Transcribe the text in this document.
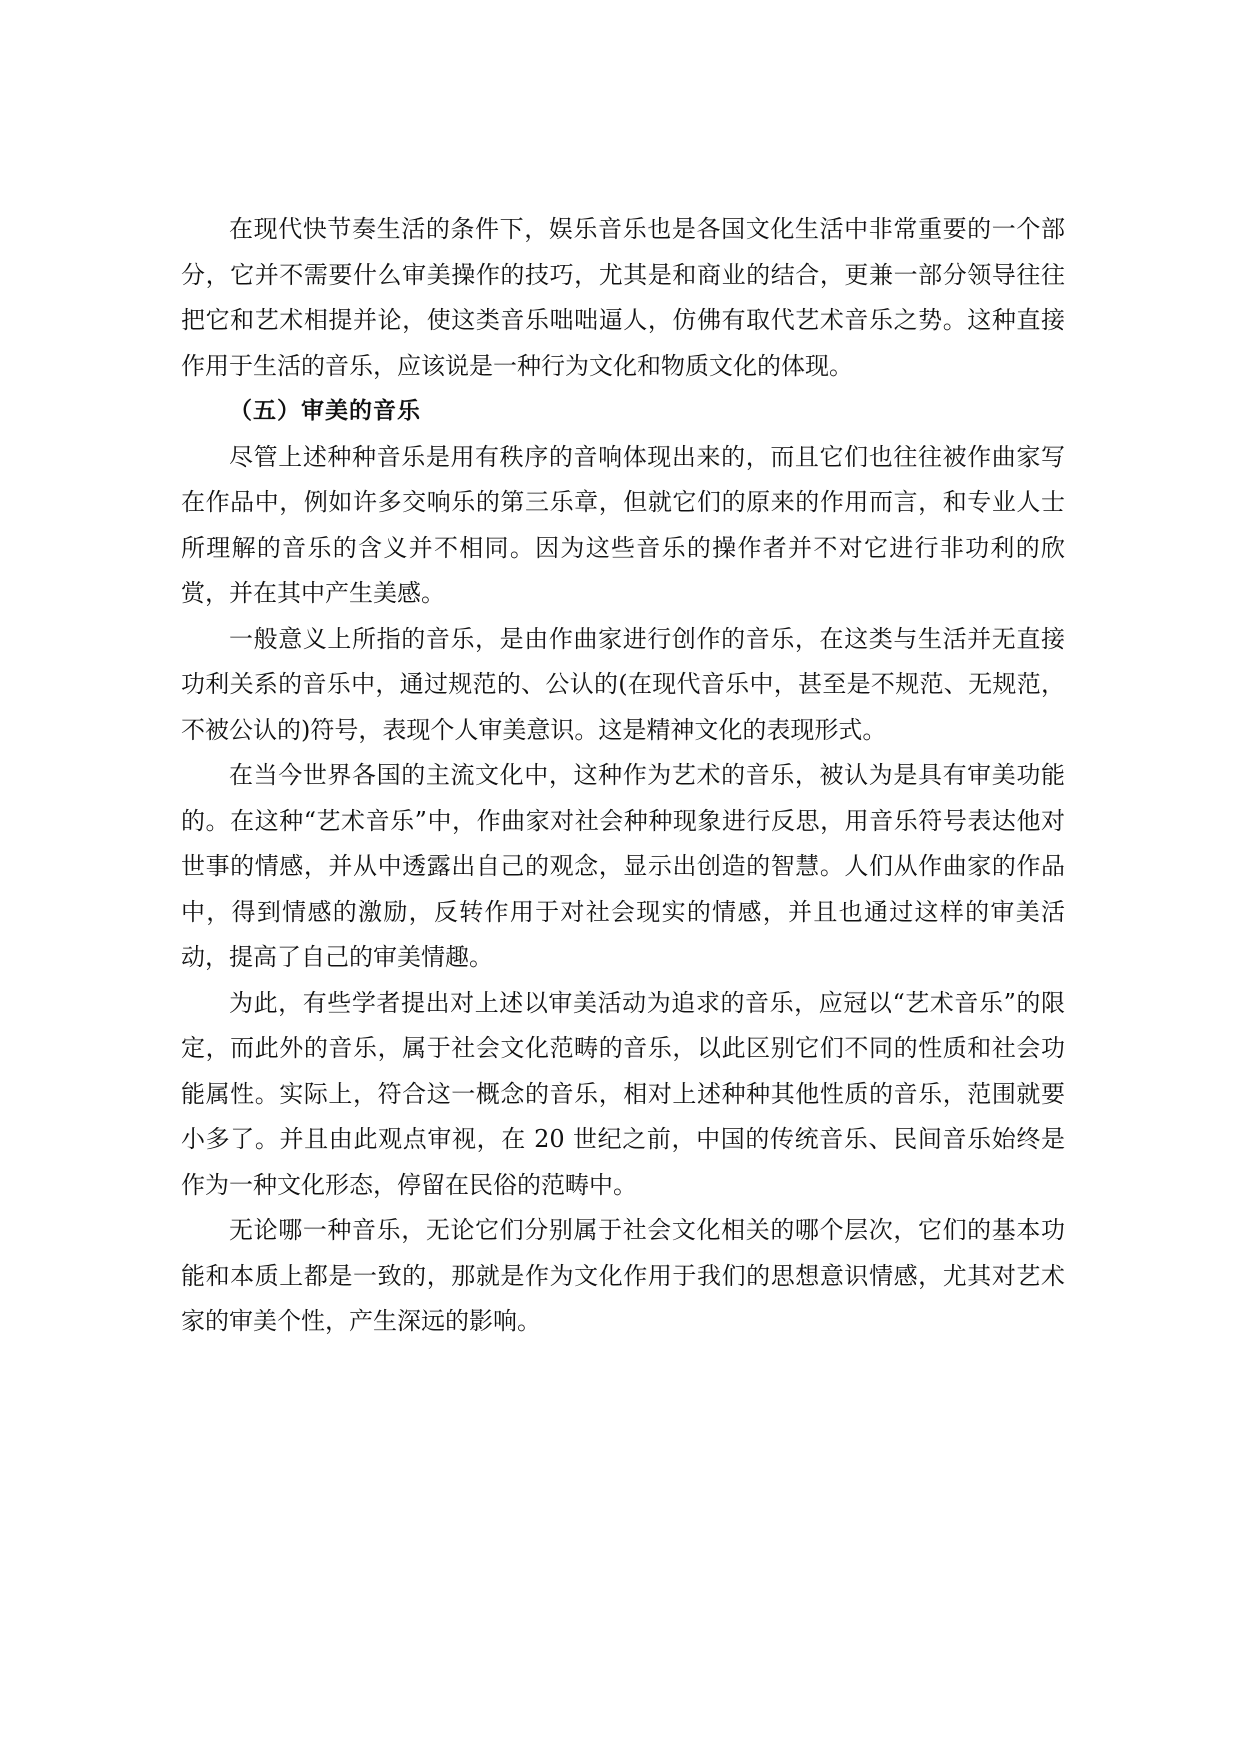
在现代快节奏生活的条件下，娱乐音乐也是各国文化生活中非常重要的一个部分，它并不需要什么审美操作的技巧，尤其是和商业的结合，更兼一部分领导往往把它和艺术相提并论，使这类音乐咄咄逼人，仿佛有取代艺术音乐之势。这种直接作用于生活的音乐，应该说是一种行为文化和物质文化的体现。

（五）审美的音乐

尽管上述种种音乐是用有秩序的音响体现出来的，而且它们也往往被作曲家写在作品中，例如许多交响乐的第三乐章，但就它们的原来的作用而言，和专业人士所理解的音乐的含义并不相同。因为这些音乐的操作者并不对它进行非功利的欣赏，并在其中产生美感。

一般意义上所指的音乐，是由作曲家进行创作的音乐，在这类与生活并无直接功利关系的音乐中，通过规范的、公认的(在现代音乐中，甚至是不规范、无规范，不被公认的)符号，表现个人审美意识。这是精神文化的表现形式。

在当今世界各国的主流文化中，这种作为艺术的音乐，被认为是具有审美功能的。在这种“艺术音乐”中，作曲家对社会种种现象进行反思，用音乐符号表达他对世事的情感，并从中透露出自己的观念，显示出创造的智慧。人们从作曲家的作品中，得到情感的激励，反转作用于对社会现实的情感，并且也通过这样的审美活动，提高了自己的审美情趣。

为此，有些学者提出对上述以审美活动为追求的音乐，应冠以“艺术音乐”的限定，而此外的音乐，属于社会文化范畴的音乐，以此区别它们不同的性质和社会功能属性。实际上，符合这一概念的音乐，相对上述种种其他性质的音乐，范围就要小多了。并且由此观点审视，在 20 世纪之前，中国的传统音乐、民间音乐始终是作为一种文化形态，停留在民俗的范畴中。

无论哪一种音乐，无论它们分别属于社会文化相关的哪个层次，它们的基本功能和本质上都是一致的，那就是作为文化作用于我们的思想意识情感，尤其对艺术家的审美个性，产生深远的影响。
